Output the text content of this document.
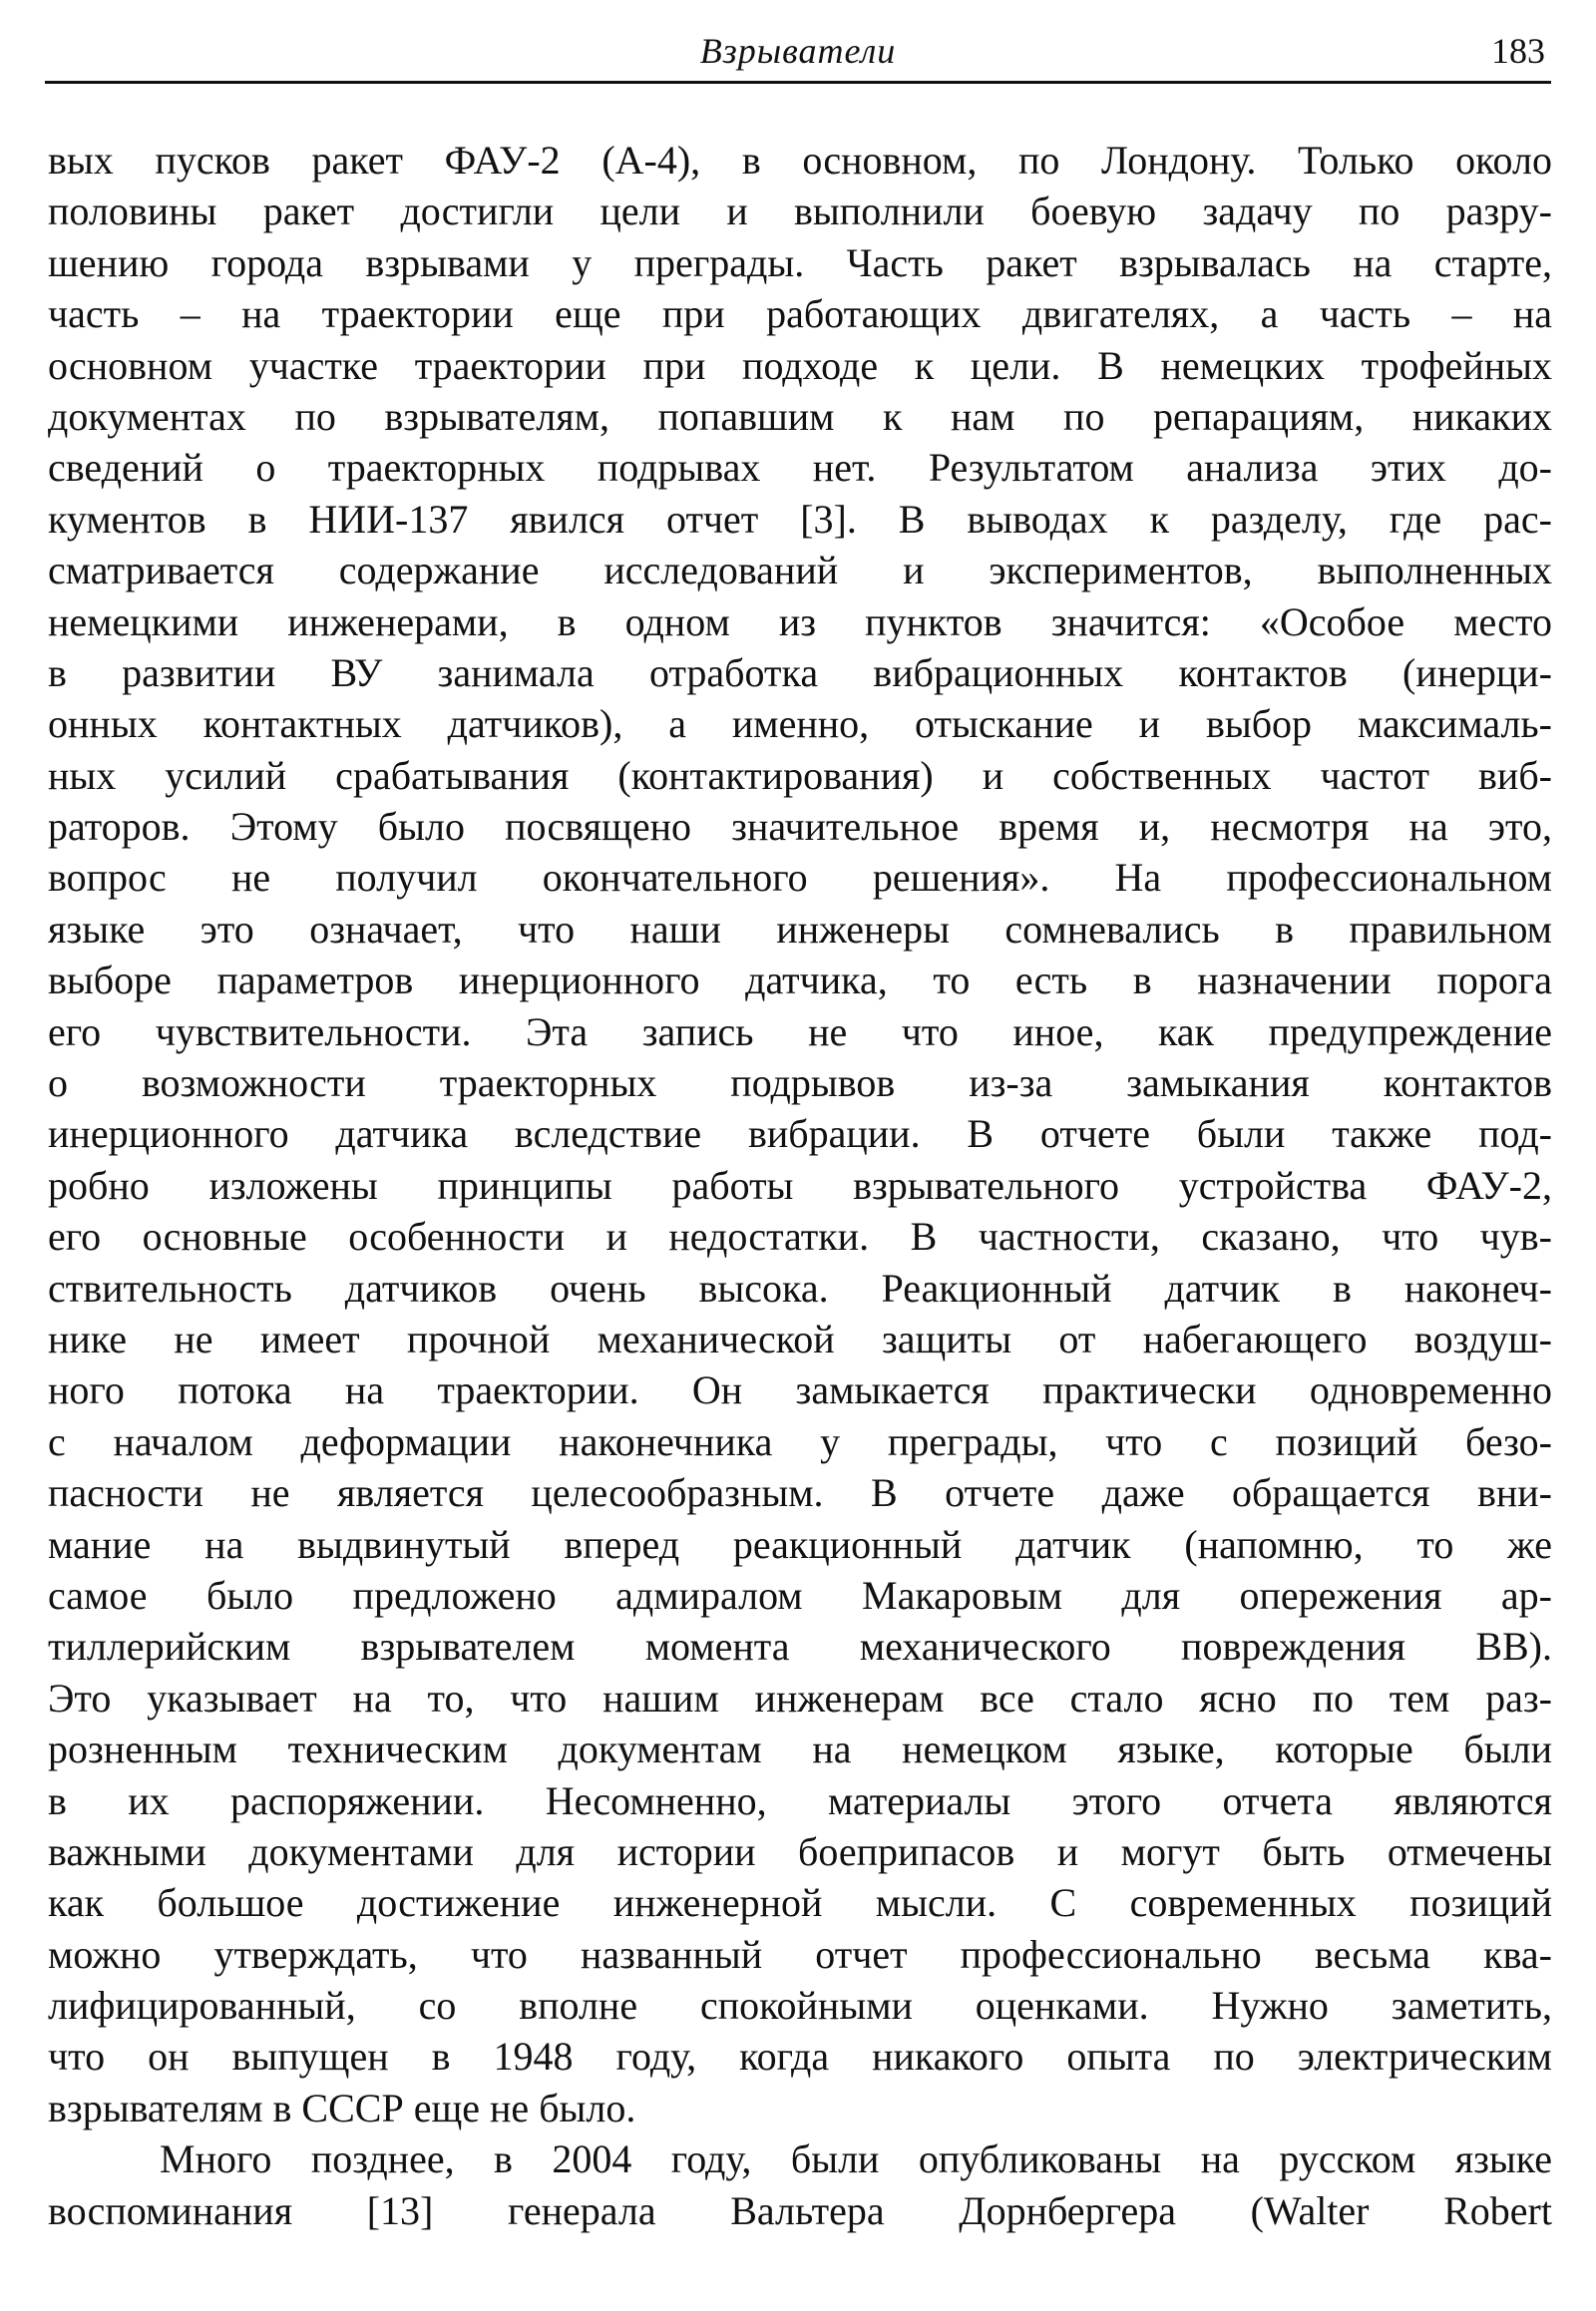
Взрыватели	183
вых пусков ракет ФАУ-2 (А-4), в основном, по Лондону. Только около
половины ракет достигли цели и выполнили боевую задачу по разру-
шению города взрывами у преграды. Часть ракет взрывалась на старте,
часть – на траектории еще при работающих двигателях, а часть – на
основном участке траектории при подходе к цели. В немецких трофейных
документах по взрывателям, попавшим к нам по репарациям, никаких
сведений о траекторных подрывах нет. Результатом анализа этих до-
кументов в НИИ-137 явился отчет [3]. В выводах к разделу, где рас-
сматривается содержание исследований и экспериментов, выполненных
немецкими инженерами, в одном из пунктов значится: «Особое место
в развитии ВУ занимала отработка вибрационных контактов (инерци-
онных контактных датчиков), а именно, отыскание и выбор максималь-
ных усилий срабатывания (контактирования) и собственных частот виб-
раторов. Этому было посвящено значительное время и, несмотря на это,
вопрос не получил окончательного решения». На профессиональном
языке это означает, что наши инженеры сомневались в правильном
выборе параметров инерционного датчика, то есть в назначении порога
его чувствительности. Эта запись не что иное, как предупреждение
о возможности траекторных подрывов из-за замыкания контактов
инерционного датчика вследствие вибрации. В отчете были также под-
робно изложены принципы работы взрывательного устройства ФАУ-2,
его основные особенности и недостатки. В частности, сказано, что чув-
ствительность датчиков очень высока. Реакционный датчик в наконеч-
нике не имеет прочной механической защиты от набегающего воздуш-
ного потока на траектории. Он замыкается практически одновременно
с началом деформации наконечника у преграды, что с позиций безо-
пасности не является целесообразным. В отчете даже обращается вни-
мание на выдвинутый вперед реакционный датчик (напомню, то же
самое было предложено адмиралом Макаровым для опережения ар-
тиллерийским взрывателем момента механического повреждения ВВ).
Это указывает на то, что нашим инженерам все стало ясно по тем раз-
розненным техническим документам на немецком языке, которые были
в их распоряжении. Несомненно, материалы этого отчета являются
важными документами для истории боеприпасов и могут быть отмечены
как большое достижение инженерной мысли. С современных позиций
можно утверждать, что названный отчет профессионально весьма ква-
лифицированный, со вполне спокойными оценками. Нужно заметить,
что он выпущен в 1948 году, когда никакого опыта по электрическим
взрывателям в СССР еще не было.
Много позднее, в 2004 году, были опубликованы на русском языке
воспоминания [13] генерала Вальтера Дорнбергера (Walter Robert
